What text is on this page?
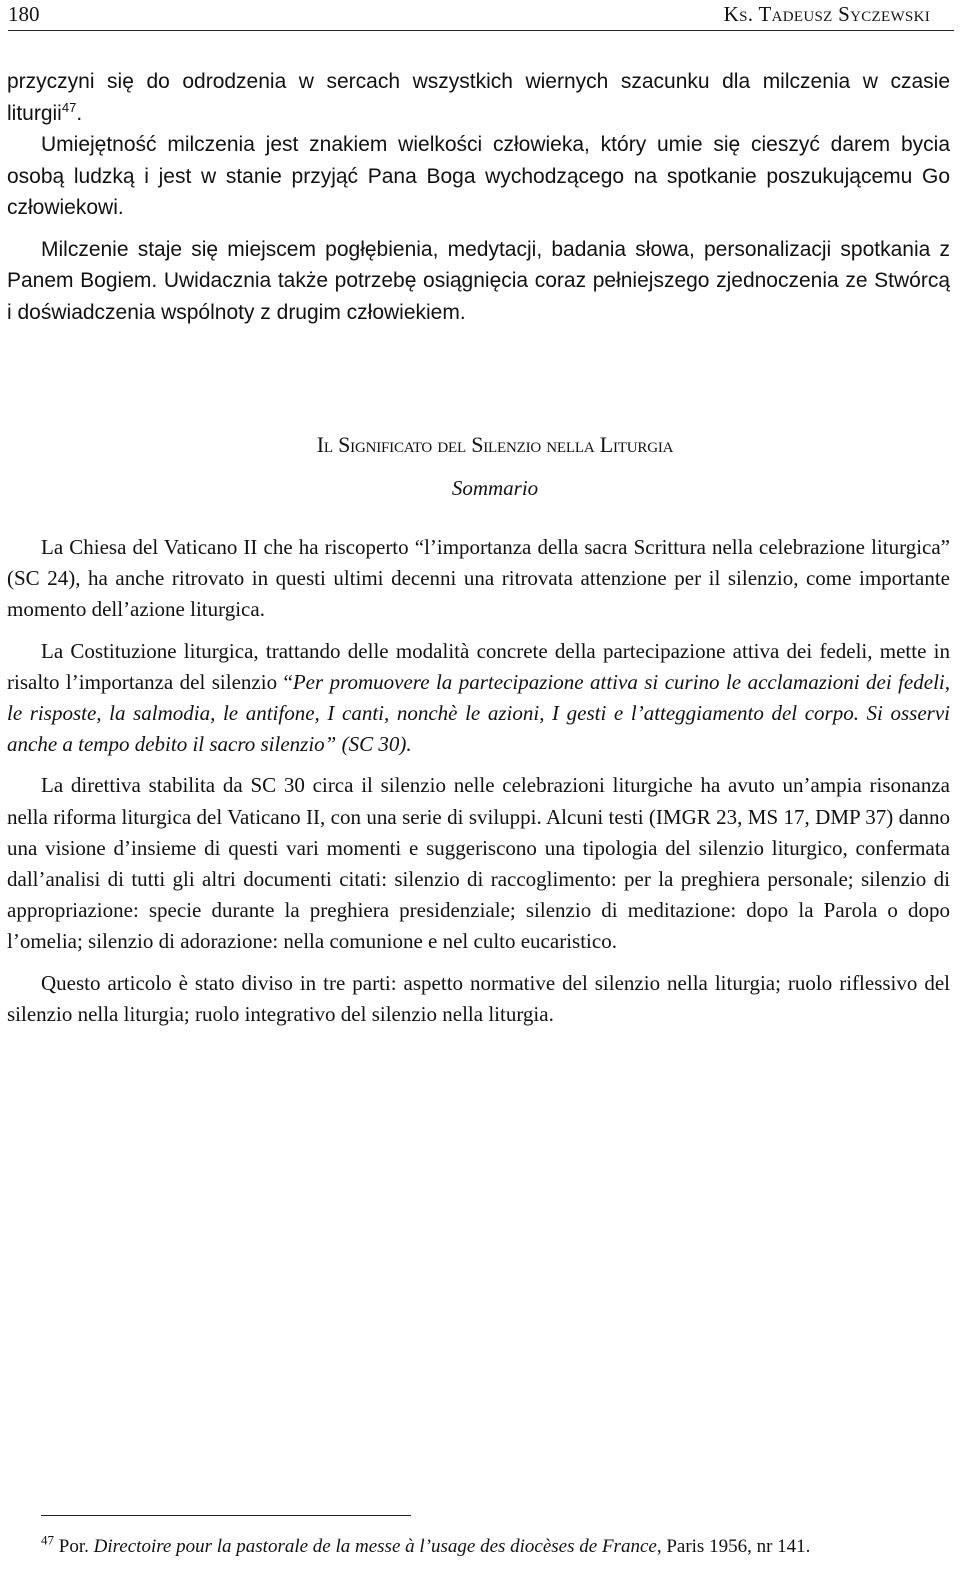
180	Ks. Tadeusz Syczewski

przyczyni się do odrodzenia w sercach wszystkich wiernych szacunku dla milczenia w czasie liturgii$^{47}$.

Umiejętność milczenia jest znakiem wielkości człowieka, który umie się cieszyć darem bycia osobą ludzką i jest w stanie przyjąć Pana Boga wychodzącego na spotkanie poszukującemu Go człowiekowi.

Milczenie staje się miejscem pogłębienia, medytacji, badania słowa, personalizacji spotkania z Panem Bogiem. Uwidacznia także potrzebę osiągnięcia coraz pełniejszego zjednoczenia ze Stwórcą i doświadczenia wspólnoty z drugim człowiekiem.

Il Significato del Silenzio nella Liturgia
Sommario

La Chiesa del Vaticano II che ha riscoperto “l’importanza della sacra Scrittura nella celebrazione liturgica” (SC 24), ha anche ritrovato in questi ultimi decenni una ritrovata attenzione per il silenzio, come importante momento dell’azione liturgica.

La Costituzione liturgica, trattando delle modalità concrete della partecipazione attiva dei fedeli, mette in risalto l’importanza del silenzio “Per promuovere la partecipazione attiva si curino le acclamazioni dei fedeli, le risposte, la salmodia, le antifone, I canti, nonchè le azioni, I gesti e l’atteggiamento del corpo. Si osservi anche a tempo debito il sacro silenzio” (SC 30).

La direttiva stabilita da SC 30 circa il silenzio nelle celebrazioni liturgiche ha avuto un’ampia risonanza nella riforma liturgica del Vaticano II, con una serie di sviluppi. Alcuni testi (IMGR 23, MS 17, DMP 37) danno una visione d’insieme di questi vari momenti e suggeriscono una tipologia del silenzio liturgico, confermata dall’analisi di tutti gli altri documenti citati: silenzio di raccoglimento: per la preghiera personale; silenzio di appropriazione: specie durante la preghiera presidenziale; silenzio di meditazione: dopo la Parola o dopo l’omelia; silenzio di adorazione: nella comunione e nel culto eucaristico.

Questo articolo è stato diviso in tre parti: aspetto normative del silenzio nella liturgia; ruolo riflessivo del silenzio nella liturgia; ruolo integrativo del silenzio nella liturgia.

$^{47}$ Por. Directoire pour la pastorale de la messe à l’usage des diocèses de France, Paris 1956, nr 141.
